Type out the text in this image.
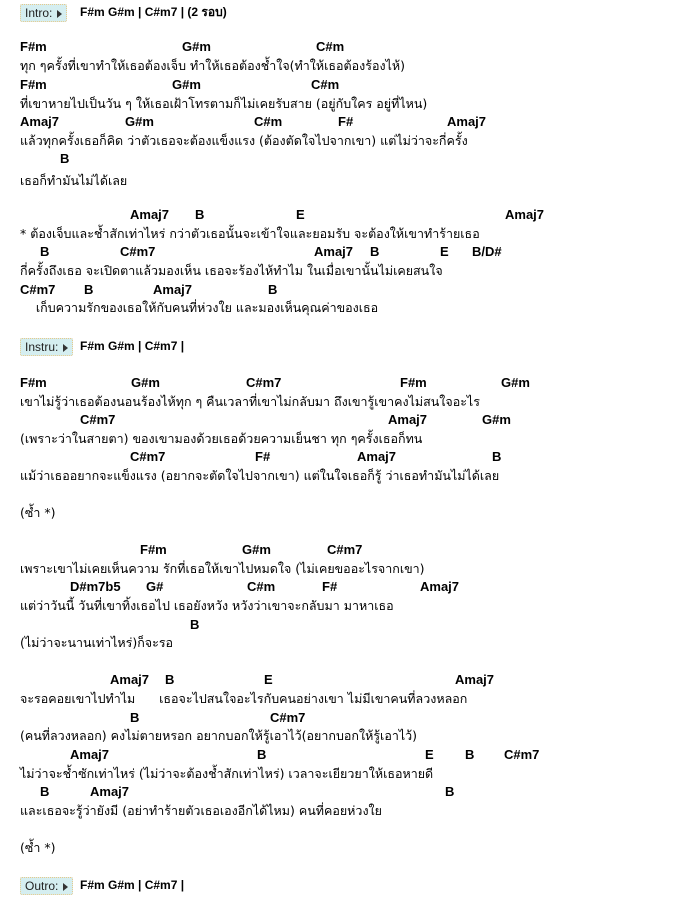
Intro:	F#m G#m | C#m7 | (2 รอบ)
Instru:	F#m G#m | C#m7 |
Outro:	F#m G#m | C#m7 |
F#m	G#m	C#m
ทุก ๆครั้งที่เขาทำให้เธอต้องเจ็บ ทำให้เธอต้องช้ำใจ(ทำให้เธอต้องร้องไห้)
F#m	G#m	C#m
ที่เขาหายไปเป็นวัน ๆ ให้เธอเฝ้าโทรตามก็ไม่เคยรับสาย (อยู่กับใคร อยู่ที่ไหน)
Amaj7	G#m	C#m	F#	Amaj7
แล้วทุกครั้งเธอก็คิด ว่าตัวเธอจะต้องแข็งแรง (ต้องตัดใจไปจากเขา) แต่ไม่ว่าจะกี่ครั้ง
B
เธอก็ทำมันไม่ได้เลย
Amaj7 B	E	Amaj7
* ต้องเจ็บและช้ำสักเท่าไหร่ กว่าตัวเธอนั้นจะเข้าใจและยอมรับ จะต้องให้เขาทำร้ายเธอ
B	C#m7	Amaj7 B	E B/D#
กี่ครั้งถึงเธอ จะเปิดตาแล้วมองเห็น เธอจะร้องไห้ทำไม ในเมื่อเขานั้นไม่เคยสนใจ
C#m7 B	Amaj7	B
เก็บความรักของเธอให้กับคนที่ห่วงใย และมองเห็นคุณค่าของเธอ
F#m	G#m	C#m7	F#m	G#m
เขาไม่รู้ว่าเธอต้องนอนร้องไห้ทุก ๆ คืนเวลาที่เขาไม่กลับมา ถึงเขารู้เขาคงไม่สนใจอะไร
C#m7	Amaj7	G#m
(เพราะว่าในสายตา) ของเขามองด้วยเธอด้วยความเย็นชา ทุก ๆครั้งเธอก็ทน
C#m7	F#	Amaj7	B
แม้ว่าเธออยากจะแข็งแรง (อยากจะตัดใจไปจากเขา) แต่ในใจเธอก็รู้ ว่าเธอทำมันไม่ได้เลย
(ซ้ำ *)
F#m	G#m	C#m7
เพราะเขาไม่เคยเห็นความ รักที่เธอให้เขาไปหมดใจ (ไม่เคยขออะไรจากเขา)
D#m7b5 G#	C#m	F#	Amaj7
แต่ว่าวันนี้ วันที่เขาทิ้งเธอไป เธอยังหวัง หวังว่าเขาจะกลับมา มาหาเธอ
B
(ไม่ว่าจะนานเท่าไหร่)ก็จะรอ
Amaj7 B	E	Amaj7
จะรอคอยเขาไปทำไม      เธอจะไปสนใจอะไรกับคนอย่างเขา ไม่มีเขาคนที่ลวงหลอก
B	C#m7
(คนที่ลวงหลอก) คงไม่ตายหรอก อยากบอกให้รู้เอาไว้(อยากบอกให้รู้เอาไว้)
Amaj7	B	E B C#m7
ไม่ว่าจะช้ำซักเท่าไหร่ (ไม่ว่าจะต้องช้ำสักเท่าไหร่) เวลาจะเยียวยาให้เธอหายดี
B	Amaj7	B
และเธอจะรู้ว่ายังมี (อย่าทำร้ายตัวเธอเองอีกได้ไหม) คนที่คอยห่วงใย
(ซ้ำ *)
